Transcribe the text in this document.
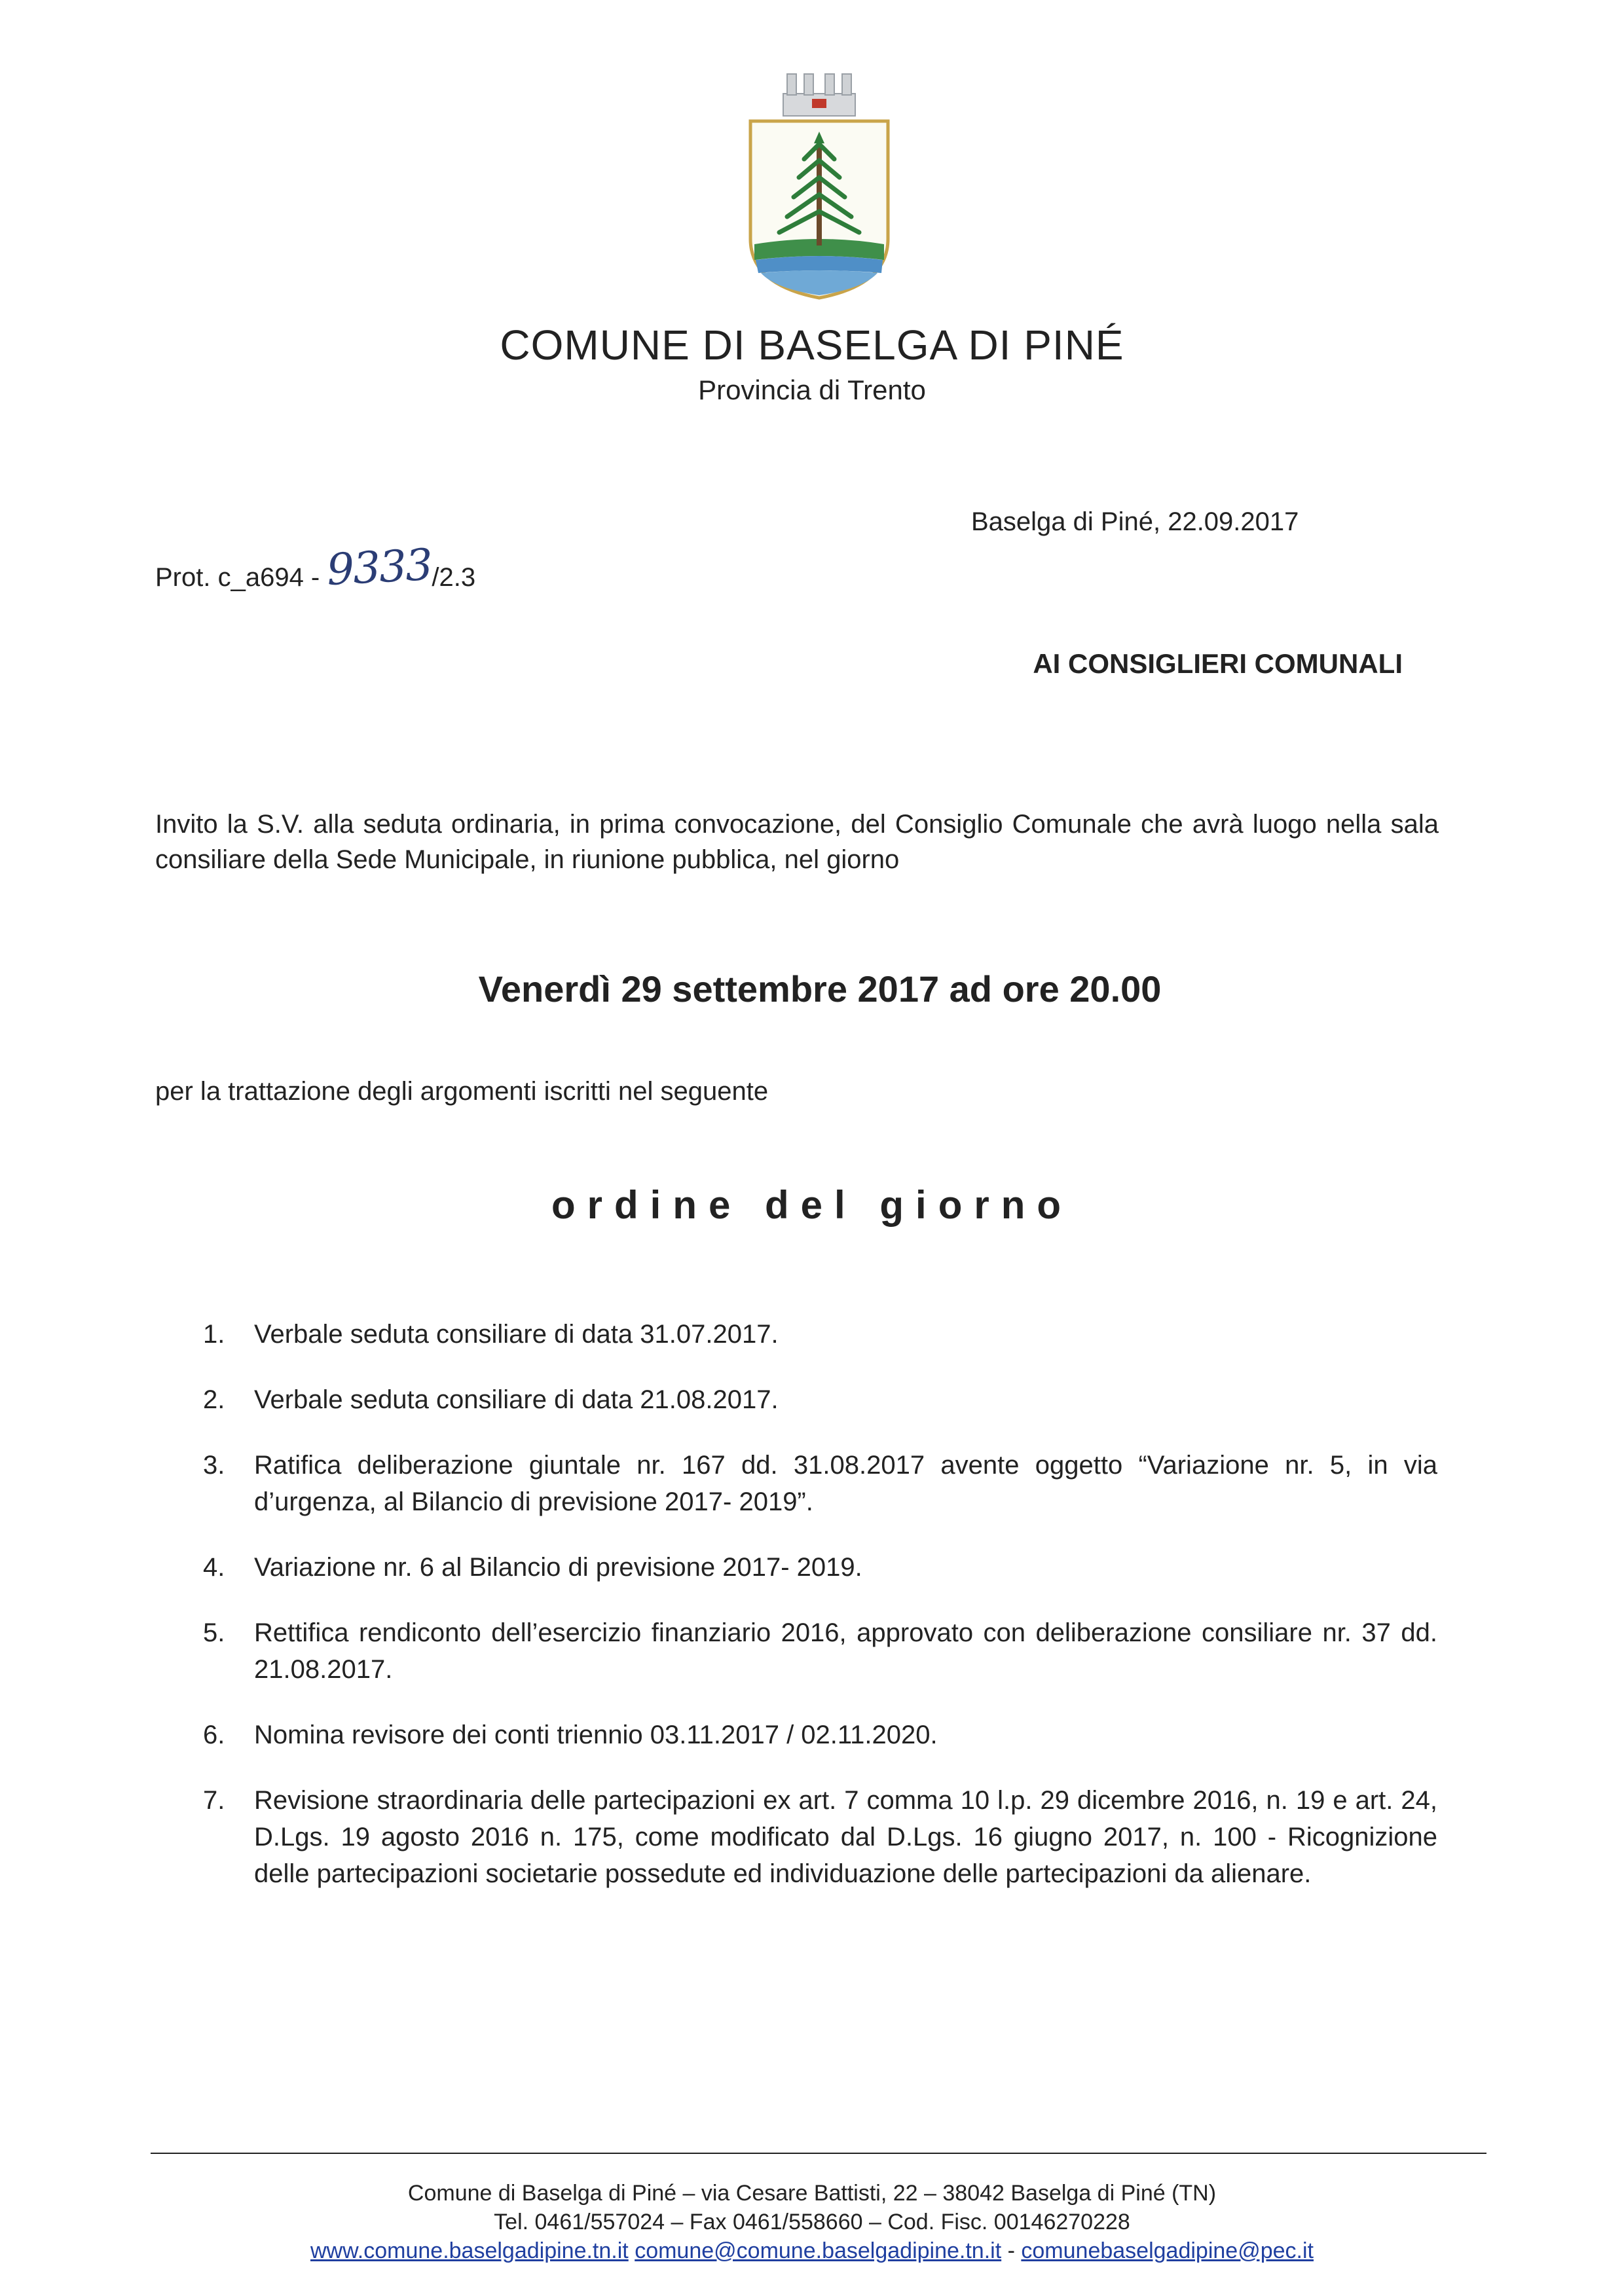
COMUNE DI BASELGA DI PINÉ
Provincia di Trento
Prot. c_a694 - 9333/2.3
Baselga di Piné, 22.09.2017
AI CONSIGLIERI COMUNALI
Invito la S.V. alla seduta ordinaria, in prima convocazione, del Consiglio Comunale che avrà luogo nella sala consiliare della Sede Municipale, in riunione pubblica, nel giorno
Venerdì 29 settembre 2017 ad ore 20.00
per la trattazione degli argomenti iscritti nel seguente
ordine del giorno
1. Verbale seduta consiliare di data 31.07.2017.
2. Verbale seduta consiliare di data 21.08.2017.
3. Ratifica deliberazione giuntale nr. 167 dd. 31.08.2017 avente oggetto “Variazione nr. 5, in via d’urgenza, al Bilancio di previsione 2017- 2019”.
4. Variazione nr. 6 al Bilancio di previsione 2017- 2019.
5. Rettifica rendiconto dell’esercizio finanziario 2016, approvato con deliberazione consiliare nr. 37 dd. 21.08.2017.
6. Nomina revisore dei conti triennio 03.11.2017 / 02.11.2020.
7. Revisione straordinaria delle partecipazioni ex art. 7 comma 10 l.p. 29 dicembre 2016, n. 19 e art. 24, D.Lgs. 19 agosto 2016 n. 175, come modificato dal D.Lgs. 16 giugno 2017, n. 100 - Ricognizione delle partecipazioni societarie possedute ed individuazione delle partecipazioni da alienare.
Comune di Baselga di Piné – via Cesare Battisti, 22 – 38042 Baselga di Piné (TN)
Tel. 0461/557024 – Fax 0461/558660 – Cod. Fisc. 00146270228
www.comune.baselgadipine.tn.it comune@comune.baselgadipine.tn.it - comunebaselgadipine@pec.it
